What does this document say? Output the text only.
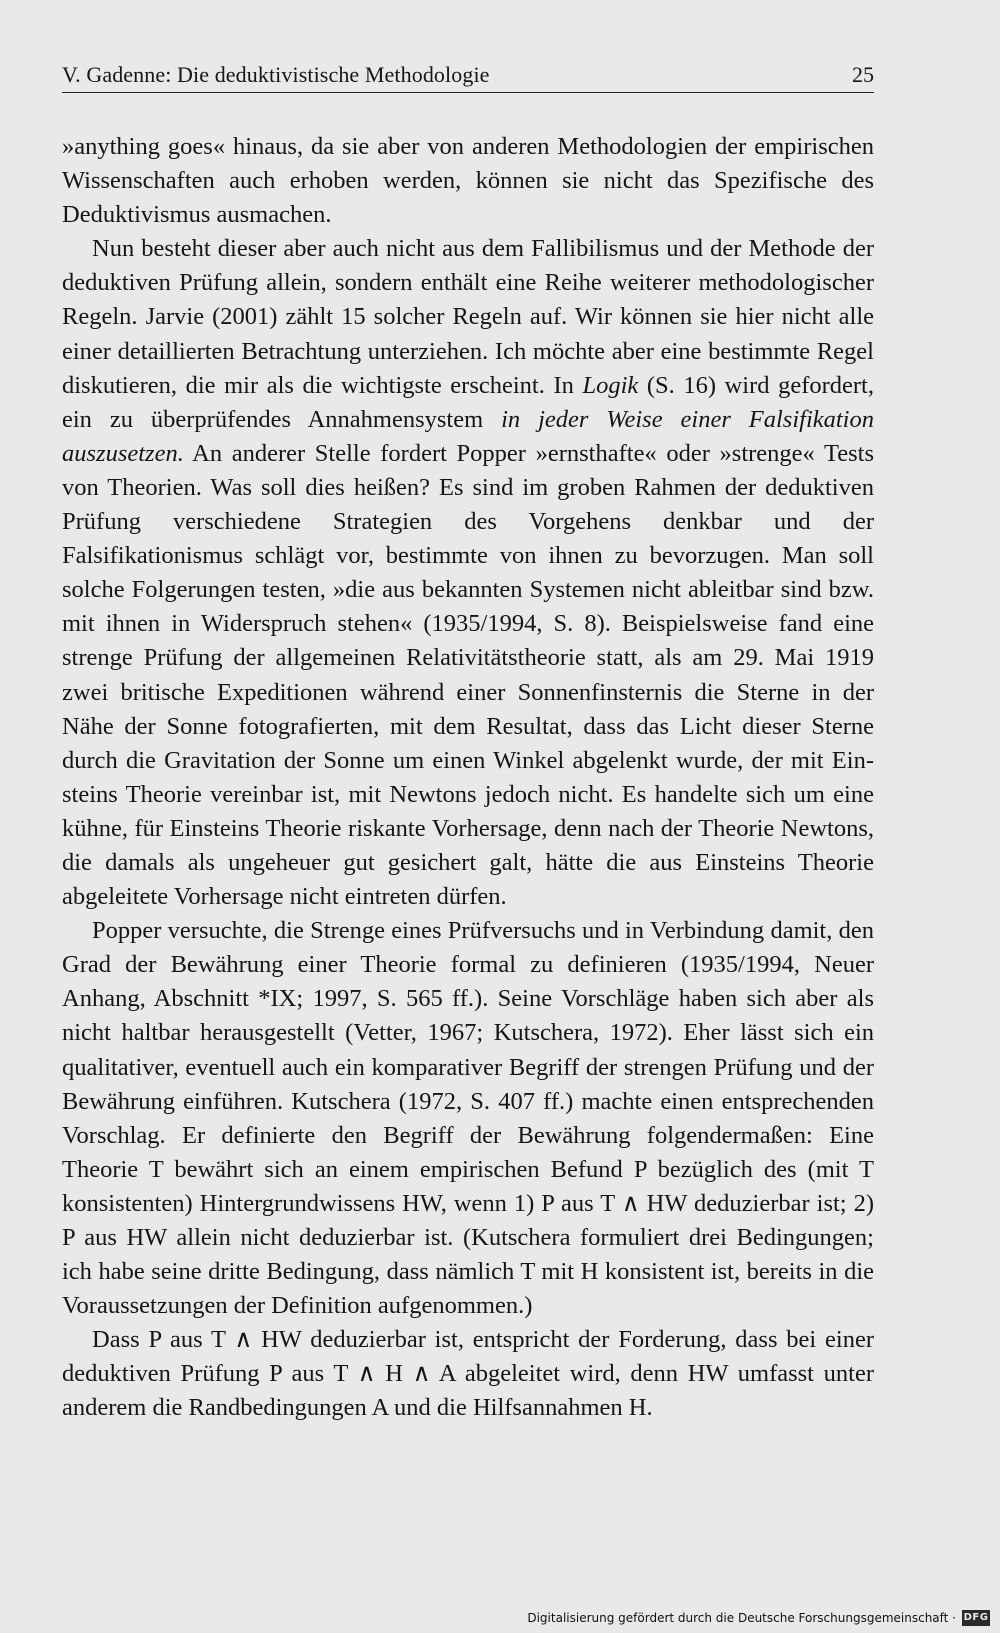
V. Gadenne: Die deduktivistische Methodologie	25

»anything goes« hinaus, da sie aber von anderen Methodologien der empirischen Wissenschaften auch erhoben werden, können sie nicht das Spezifische des Deduktivismus ausmachen.

Nun besteht dieser aber auch nicht aus dem Fallibilismus und der Methode der deduktiven Prüfung allein, sondern enthält eine Reihe weiterer methodologischer Regeln. Jarvie (2001) zählt 15 solcher Regeln auf. Wir können sie hier nicht alle einer detaillierten Betrachtung unterziehen. Ich möchte aber eine bestimmte Regel diskutieren, die mir als die wichtigste erscheint. In Logik (S. 16) wird gefordert, ein zu überprüfendes Annahmensystem in jeder Weise einer Falsifikation auszusetzen. An anderer Stelle fordert Popper »ernsthafte« oder »strenge« Tests von Theorien. Was soll dies heißen? Es sind im groben Rahmen der deduktiven Prüfung verschiedene Strategien des Vorgehens denkbar und der Falsifikationismus schlägt vor, bestimmte von ihnen zu bevorzugen. Man soll solche Folgerungen testen, »die aus bekannten Systemen nicht ableitbar sind bzw. mit ihnen in Widerspruch stehen« (1935/1994, S. 8). Beispielsweise fand eine strenge Prüfung der allgemeinen Relativitätstheorie statt, als am 29. Mai 1919 zwei britische Expeditionen während einer Sonnenfinsternis die Sterne in der Nähe der Sonne fotografierten, mit dem Resultat, dass das Licht dieser Sterne durch die Gravitation der Sonne um einen Winkel abgelenkt wurde, der mit Einsteins Theorie vereinbar ist, mit Newtons jedoch nicht. Es handelte sich um eine kühne, für Einsteins Theorie riskante Vorhersage, denn nach der Theorie Newtons, die damals als ungeheuer gut gesichert galt, hätte die aus Einsteins Theorie abgeleitete Vorhersage nicht eintreten dürfen.

Popper versuchte, die Strenge eines Prüfversuchs und in Verbindung damit, den Grad der Bewährung einer Theorie formal zu definieren (1935/1994, Neuer Anhang, Abschnitt *IX; 1997, S. 565 ff.). Seine Vorschläge haben sich aber als nicht haltbar herausgestellt (Vetter, 1967; Kutschera, 1972). Eher lässt sich ein qualitativer, eventuell auch ein komparativer Begriff der strengen Prüfung und der Bewährung einführen. Kutschera (1972, S. 407 ff.) machte einen entsprechenden Vorschlag. Er definierte den Begriff der Bewährung folgendermaßen: Eine Theorie T bewährt sich an einem empirischen Befund P bezüglich des (mit T konsistenten) Hintergrundwissens HW, wenn 1) P aus T ∧ HW deduzierbar ist; 2) P aus HW allein nicht deduzierbar ist. (Kutschera formuliert drei Bedingungen; ich habe seine dritte Bedingung, dass nämlich T mit H konsistent ist, bereits in die Voraussetzungen der Definition aufgenommen.)

Dass P aus T ∧ HW deduzierbar ist, entspricht der Forderung, dass bei einer deduktiven Prüfung P aus T ∧ H ∧ A abgeleitet wird, denn HW umfasst unter anderem die Randbedingungen A und die Hilfsannahmen H.

Digitalisierung gefördert durch die Deutsche Forschungsgemeinschaft · DFG
